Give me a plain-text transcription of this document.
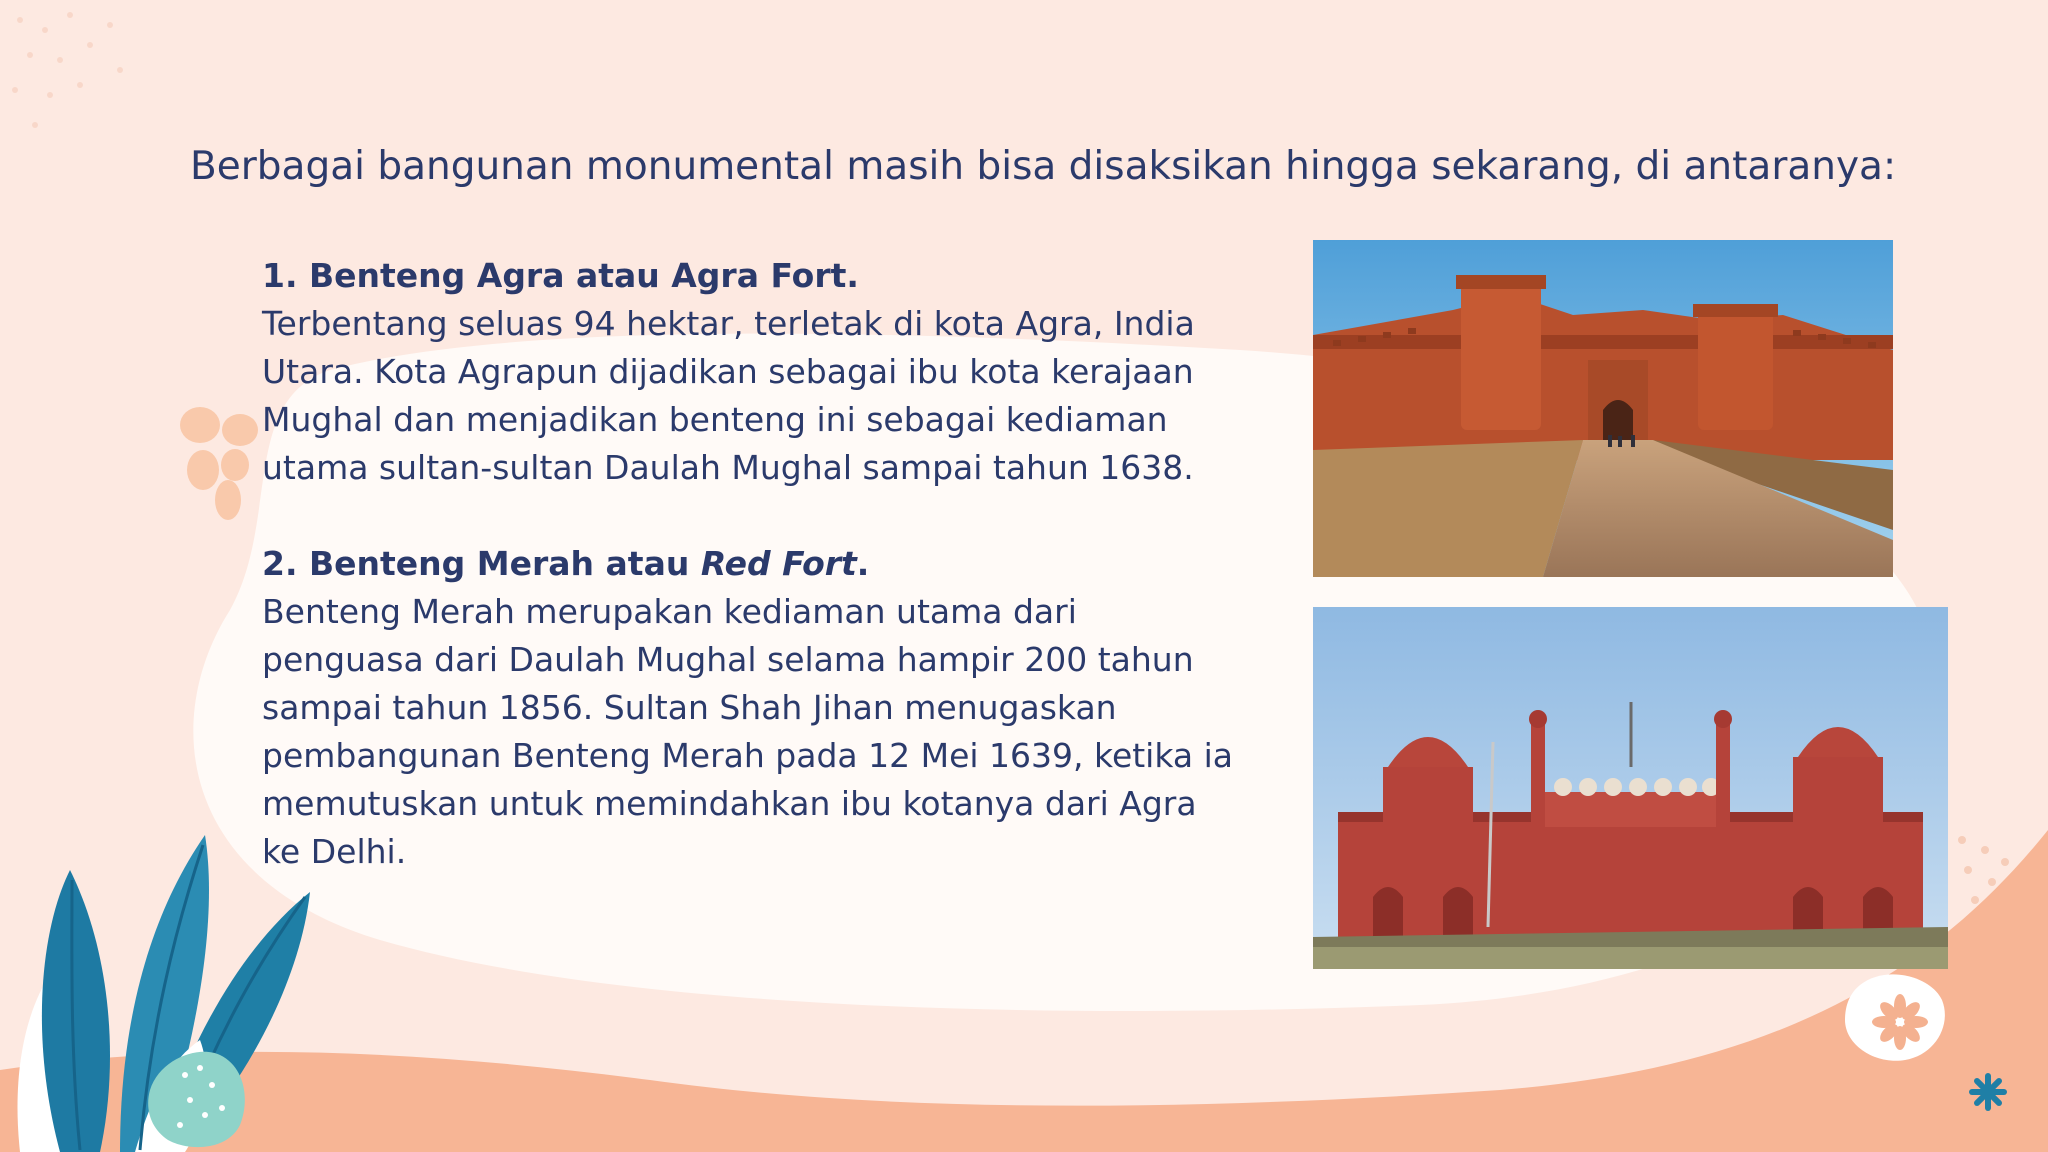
Berbagai bangunan monumental masih bisa disaksikan hingga sekarang, di antaranya:
1. Benteng Agra atau Agra Fort.
Terbentang seluas 94 hektar, terletak di kota Agra, India Utara. Kota Agrapun dijadikan sebagai ibu kota kerajaan Mughal dan menjadikan benteng ini sebagai kediaman utama sultan-sultan Daulah Mughal sampai tahun 1638.
2. Benteng Merah atau Red Fort.
Benteng Merah merupakan kediaman utama dari penguasa dari Daulah Mughal selama hampir 200 tahun sampai tahun 1856. Sultan Shah Jihan menugaskan pembangunan Benteng Merah pada 12 Mei 1639, ketika ia memutuskan untuk memindahkan ibu kotanya dari Agra ke Delhi.
